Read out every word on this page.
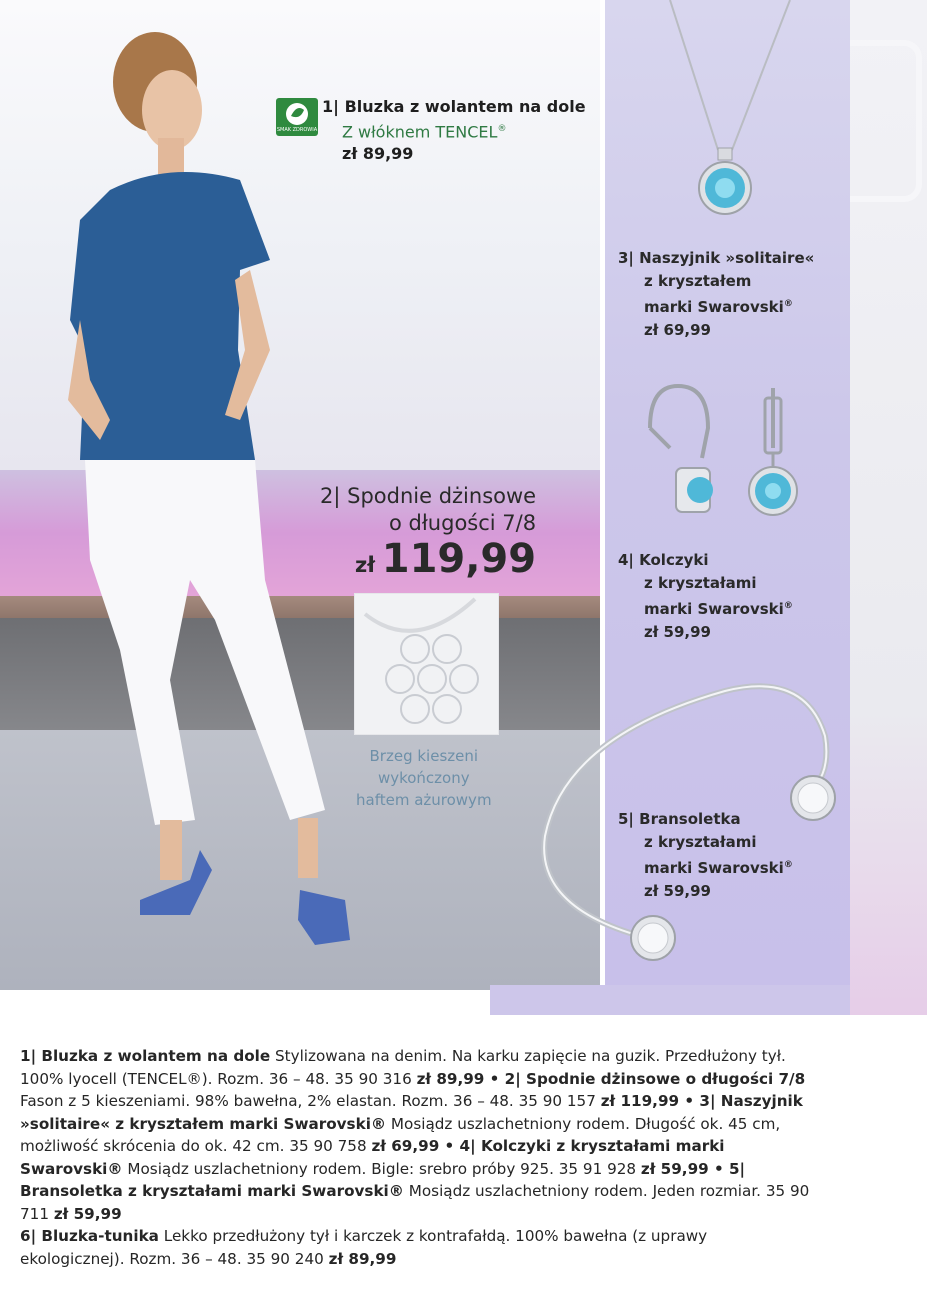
SMAK ZDROWIA
1| Bluzka z wolantem na dole
Z włóknem TENCEL®
zł 89,99
2| Spodnie dżinsowe
o długości 7/8
zł 119,99
Brzeg kieszeni
wykończony
haftem ażurowym
3| Naszyjnik »solitaire«
z kryształem
marki Swarovski®
zł 69,99
4| Kolczyki
z kryształami
marki Swarovski®
zł 59,99
5| Bransoletka
z kryształami
marki Swarovski®
zł 59,99
1| Bluzka z wolantem na dole Stylizowana na denim. Na karku zapięcie na guzik. Przedłużony tył. 100% lyocell (TENCEL®). Rozm. 36 – 48. 35 90 316 zł 89,99 • 2| Spodnie dżinsowe o długości 7/8 Fason z 5 kieszeniami. 98% bawełna, 2% elastan. Rozm. 36 – 48. 35 90 157 zł 119,99 • 3| Naszyjnik »solitaire« z kryształem marki Swarovski® Mosiądz uszlachetniony rodem. Długość ok. 45 cm, możliwość skrócenia do ok. 42 cm. 35 90 758 zł 69,99 • 4| Kolczyki z kryształami marki Swarovski® Mosiądz uszlachetniony rodem. Bigle: srebro próby 925. 35 91 928 zł 59,99 • 5| Bransoletka z kryształami marki Swarovski® Mosiądz uszlachetniony rodem. Jeden rozmiar. 35 90 711 zł 59,99
6| Bluzka-tunika Lekko przedłużony tył i karczek z kontrafałdą. 100% bawełna (z uprawy ekologicznej). Rozm. 36 – 48. 35 90 240 zł 89,99
